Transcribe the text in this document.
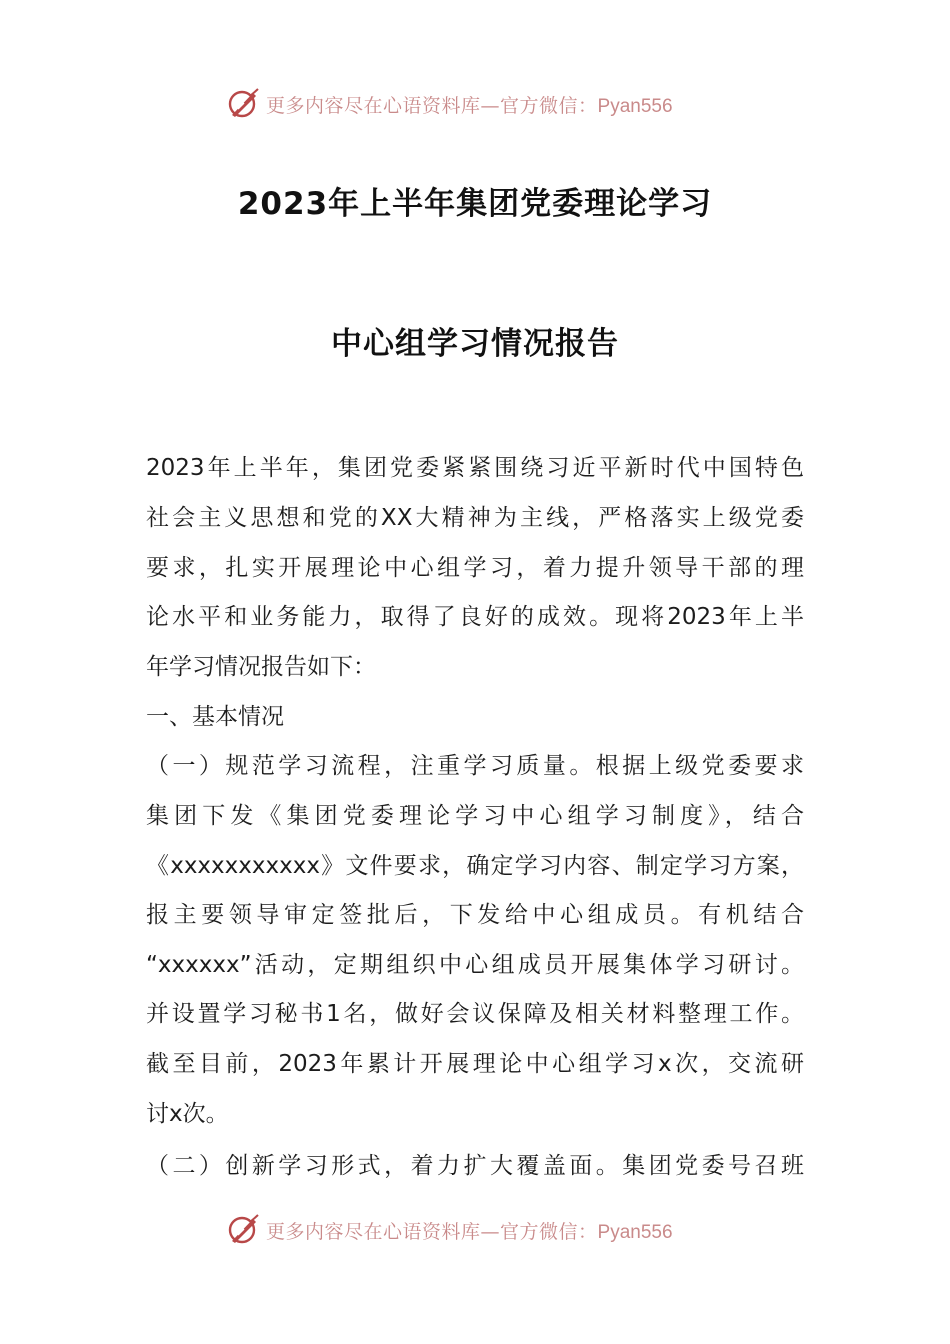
更多内容尽在心语资料库—官方微信：Pyan556
2023年上半年集团党委理论学习
中心组学习情况报告
2023年上半年，集团党委紧紧围绕习近平新时代中国特色
社会主义思想和党的XX大精神为主线，严格落实上级党委
要求，扎实开展理论中心组学习，着力提升领导干部的理
论水平和业务能力，取得了良好的成效。现将2023年上半
年学习情况报告如下：
一、基本情况
（一）规范学习流程，注重学习质量。根据上级党委要求
集团下发《集团党委理论学习中心组学习制度》，结合
《xxxxxxxxxxx》文件要求，确定学习内容、制定学习方案，
报主要领导审定签批后，下发给中心组成员。有机结合
“xxxxxx”活动，定期组织中心组成员开展集体学习研讨。
并设置学习秘书1名，做好会议保障及相关材料整理工作。
截至目前，2023年累计开展理论中心组学习x次，交流研
讨x次。
（二）创新学习形式，着力扩大覆盖面。集团党委号召班
更多内容尽在心语资料库—官方微信：Pyan556
